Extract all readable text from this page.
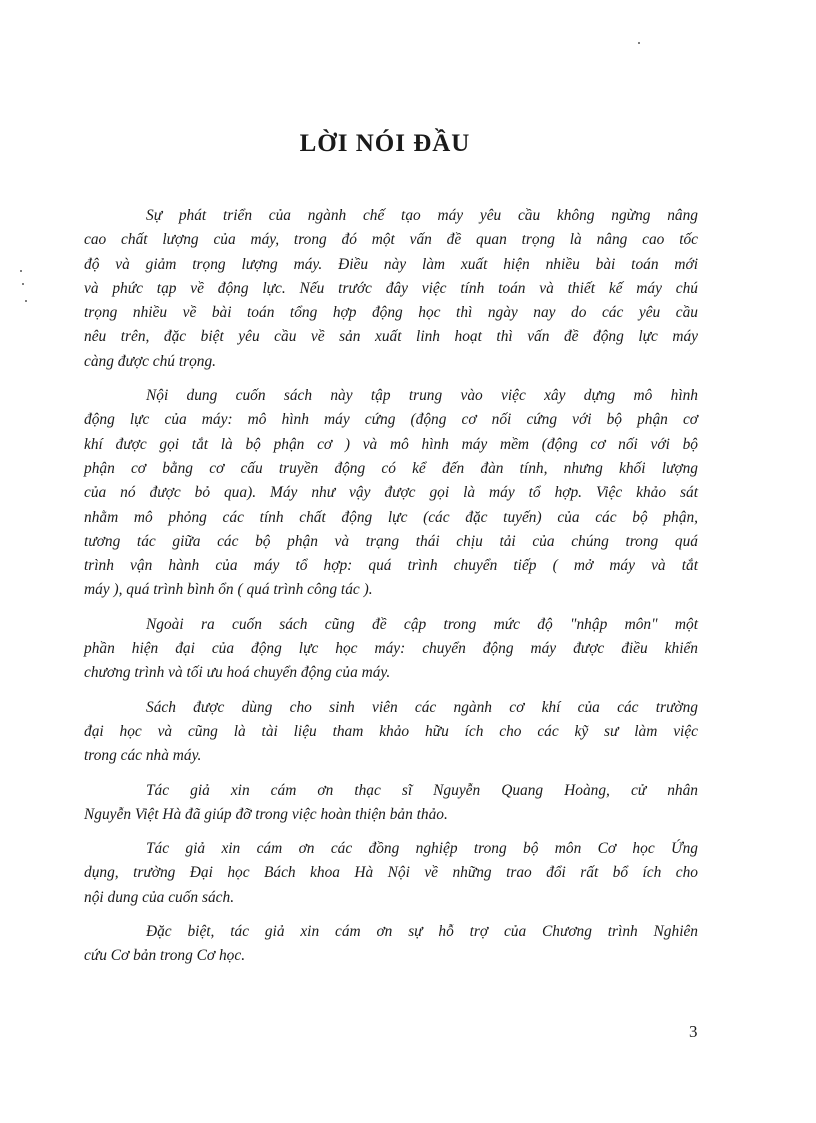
LỜI NÓI ĐẦU

Sự phát triển của ngành chế tạo máy yêu cầu không ngừng nâng
cao chất lượng của máy, trong đó một vấn đề quan trọng là nâng cao tốc
độ và giảm trọng lượng máy. Điều này làm xuất hiện nhiều bài toán mới
và phức tạp về động lực. Nếu trước đây việc tính toán và thiết kế máy chú
trọng nhiều về bài toán tổng hợp động học thì ngày nay do các yêu cầu
nêu trên, đặc biệt yêu cầu về sản xuất linh hoạt thì vấn đề động lực máy
càng được chú trọng.

Nội dung cuốn sách này tập trung vào việc xây dựng mô hình
động lực của máy: mô hình máy cứng (động cơ nối cứng với bộ phận cơ
khí được gọi tắt là bộ phận cơ ) và mô hình máy mềm (động cơ nối với bộ
phận cơ bằng cơ cấu truyền động có kể đến đàn tính, nhưng khối lượng
của nó được bỏ qua). Máy như vậy được gọi là máy tổ hợp. Việc khảo sát
nhằm mô phỏng các tính chất động lực (các đặc tuyến) của các bộ phận,
tương tác giữa các bộ phận và trạng thái chịu tải của chúng trong quá
trình vận hành của máy tổ hợp: quá trình chuyển tiếp ( mở máy và tắt
máy ), quá trình bình ổn ( quá trình công tác ).

Ngoài ra cuốn sách cũng đề cập trong mức độ "nhập môn" một
phần hiện đại của động lực học máy: chuyển động máy được điều khiển
chương trình và tối ưu hoá chuyển động của máy.

Sách được dùng cho sinh viên các ngành cơ khí của các trường
đại học và cũng là tài liệu tham khảo hữu ích cho các kỹ sư làm việc
trong các nhà máy.

Tác giả xin cám ơn thạc sĩ Nguyễn Quang Hoàng, cử nhân
Nguyễn Việt Hà đã giúp đỡ trong việc hoàn thiện bản thảo.

Tác giả xin cám ơn các đồng nghiệp trong bộ môn Cơ học Ứng
dụng, trường Đại học Bách khoa Hà Nội về những trao đổi rất bổ ích cho
nội dung của cuốn sách.

Đặc biệt, tác giả xin cám ơn sự hỗ trợ của Chương trình Nghiên
cứu Cơ bản trong Cơ học.

3
